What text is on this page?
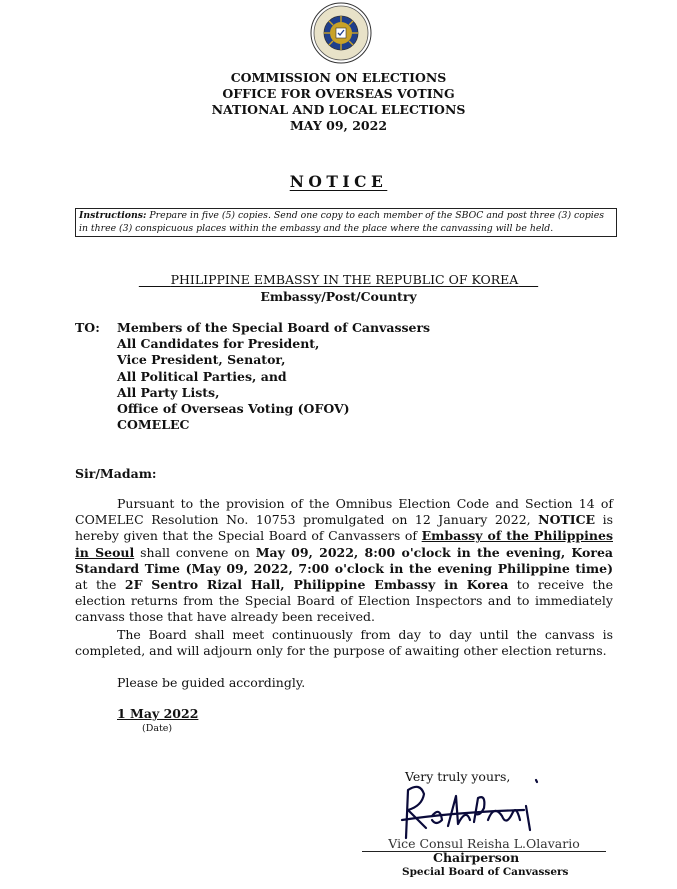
COMMISSION ON ELECTIONS
OFFICE FOR OVERSEAS VOTING
NATIONAL AND LOCAL ELECTIONS
MAY 09, 2022
NOTICE
Instructions: Prepare in five (5) copies. Send one copy to each member of the SBOC and post three (3) copies in three (3) conspicuous places within the embassy and the place where the canvassing will be held.
PHILIPPINE EMBASSY IN THE REPUBLIC OF KOREA
Embassy/Post/Country
TO: Members of the Special Board of Canvassers
All Candidates for President,
Vice President, Senator,
All Political Parties, and
All Party Lists,
Office of Overseas Voting (OFOV)
COMELEC
Sir/Madam:
Pursuant to the provision of the Omnibus Election Code and Section 14 of COMELEC Resolution No. 10753 promulgated on 12 January 2022, NOTICE is hereby given that the Special Board of Canvassers of Embassy of the Philippines in Seoul shall convene on May 09, 2022, 8:00 o'clock in the evening, Korea Standard Time (May 09, 2022, 7:00 o'clock in the evening Philippine time) at the 2F Sentro Rizal Hall, Philippine Embassy in Korea to receive the election returns from the Special Board of Election Inspectors and to immediately canvass those that have already been received.
The Board shall meet continuously from day to day until the canvass is completed, and will adjourn only for the purpose of awaiting other election returns.
Please be guided accordingly.
1 May 2022
(Date)
Very truly yours,
Vice Consul Reisha L.Olavario
Chairperson
Special Board of Canvassers
